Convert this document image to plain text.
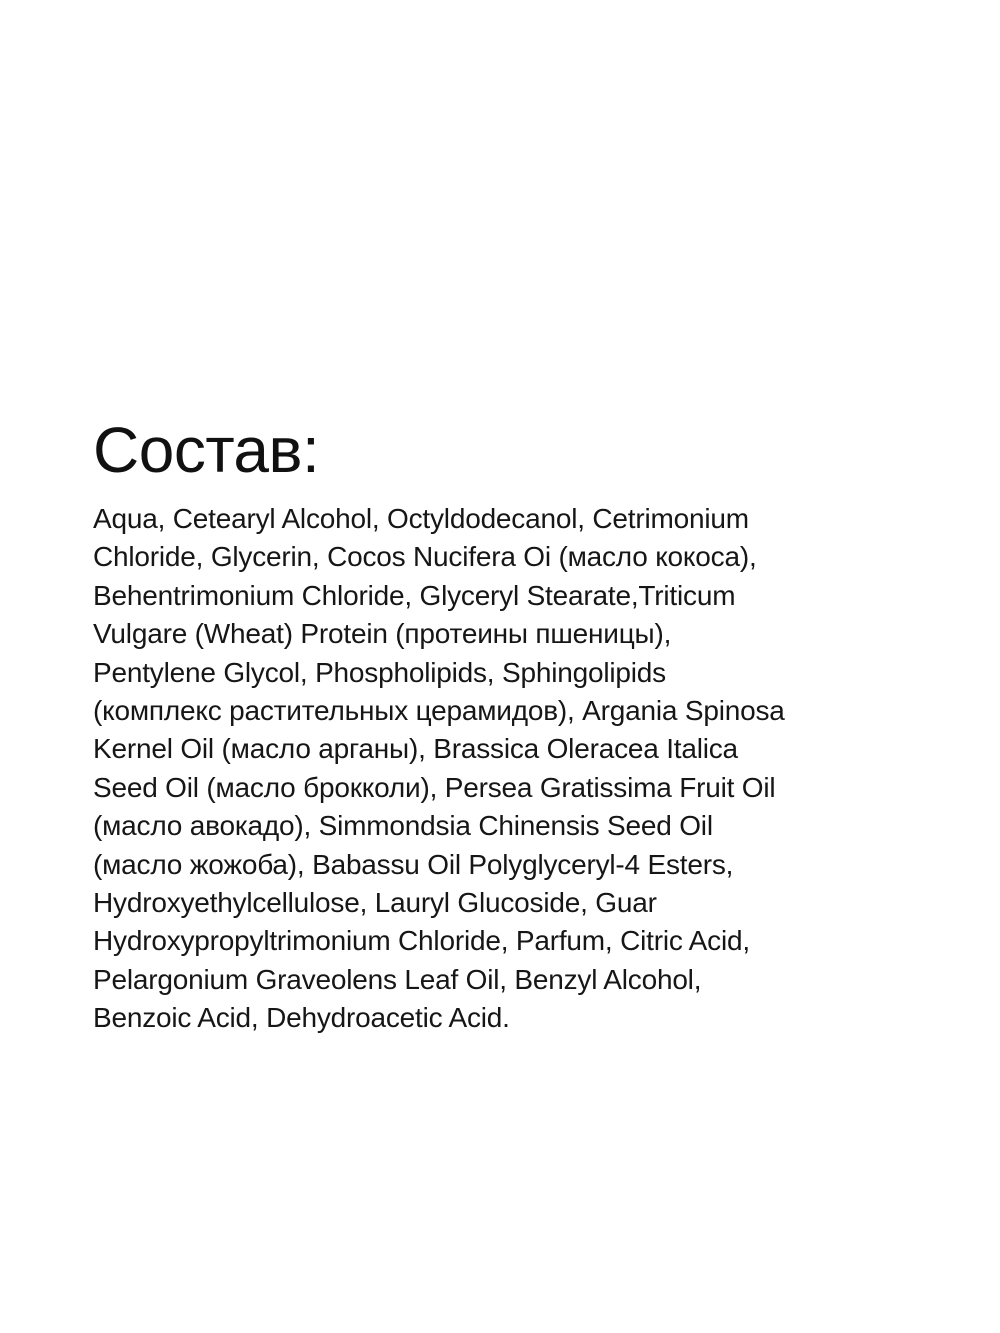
Состав:
Aqua, Cetearyl Alcohol, Octyldodecanol, Cetrimonium
Chloride, Glycerin, Cocos Nucifera Oi (масло кокоса),
Behentrimonium Chloride, Glyceryl Stearate,Triticum
Vulgare (Wheat) Protein (протеины пшеницы),
Pentylene Glycol, Phospholipids, Sphingolipids
(комплекс растительных церамидов), Argania Spinosa
Kernel Oil (масло арганы), Brassica Oleracea Italica
Seed Oil (масло брокколи), Persea Gratissima Fruit Oil
(масло авокадо), Simmondsia Chinensis Seed Oil
(масло жожоба), Babassu Oil Polyglyceryl-4 Esters,
Hydroxyethylcellulose, Lauryl Glucoside, Guar
Hydroxypropyltrimonium Chloride, Parfum, Citric Acid,
Pelargonium Graveolens Leaf Oil, Benzyl Alcohol,
Benzoic Acid, Dehydroacetic Acid.
